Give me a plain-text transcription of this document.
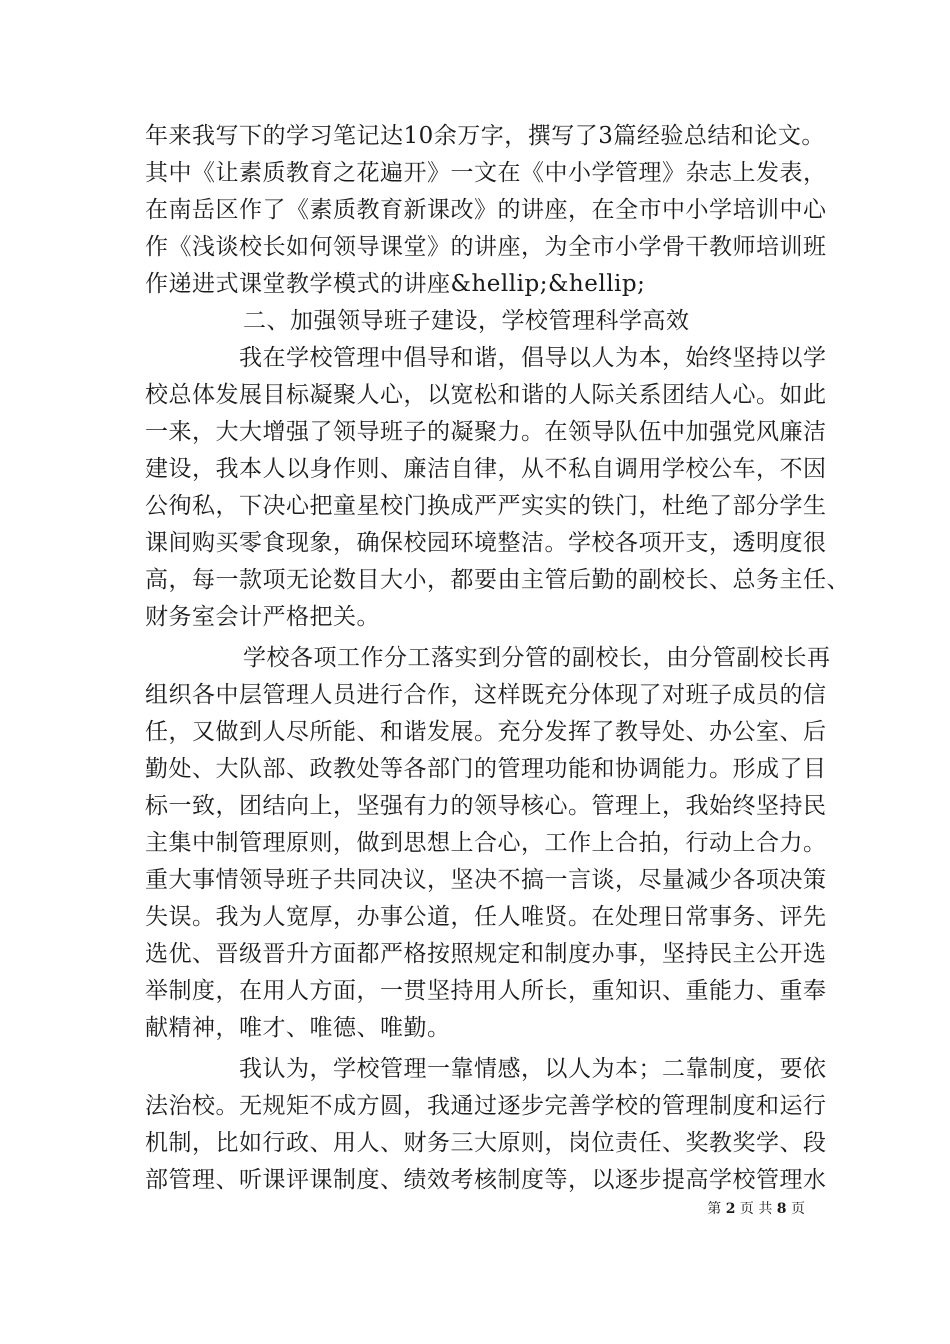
年来我写下的学习笔记达10余万字，撰写了3篇经验总结和论文。
其中《让素质教育之花遍开》一文在《中小学管理》杂志上发表，
在南岳区作了《素质教育新课改》的讲座，在全市中小学培训中心
作《浅谈校长如何领导课堂》的讲座，为全市小学骨干教师培训班
作递进式课堂教学模式的讲座&hellip;&hellip;
二、加强领导班子建设，学校管理科学高效
我在学校管理中倡导和谐，倡导以人为本，始终坚持以学
校总体发展目标凝聚人心，以宽松和谐的人际关系团结人心。如此
一来，大大增强了领导班子的凝聚力。在领导队伍中加强党风廉洁
建设，我本人以身作则、廉洁自律，从不私自调用学校公车，不因
公徇私，下决心把童星校门换成严严实实的铁门，杜绝了部分学生
课间购买零食现象，确保校园环境整洁。学校各项开支，透明度很
高，每一款项无论数目大小，都要由主管后勤的副校长、总务主任、
财务室会计严格把关。
学校各项工作分工落实到分管的副校长，由分管副校长再
组织各中层管理人员进行合作，这样既充分体现了对班子成员的信
任，又做到人尽所能、和谐发展。充分发挥了教导处、办公室、后
勤处、大队部、政教处等各部门的管理功能和协调能力。形成了目
标一致，团结向上，坚强有力的领导核心。管理上，我始终坚持民
主集中制管理原则，做到思想上合心，工作上合拍，行动上合力。
重大事情领导班子共同决议，坚决不搞一言谈，尽量减少各项决策
失误。我为人宽厚，办事公道，任人唯贤。在处理日常事务、评先
选优、晋级晋升方面都严格按照规定和制度办事，坚持民主公开选
举制度，在用人方面，一贯坚持用人所长，重知识、重能力、重奉
献精神，唯才、唯德、唯勤。
我认为，学校管理一靠情感，以人为本；二靠制度，要依
法治校。无规矩不成方圆，我通过逐步完善学校的管理制度和运行
机制，比如行政、用人、财务三大原则，岗位责任、奖教奖学、段
部管理、听课评课制度、绩效考核制度等，以逐步提高学校管理水
第 2 页 共 8 页
